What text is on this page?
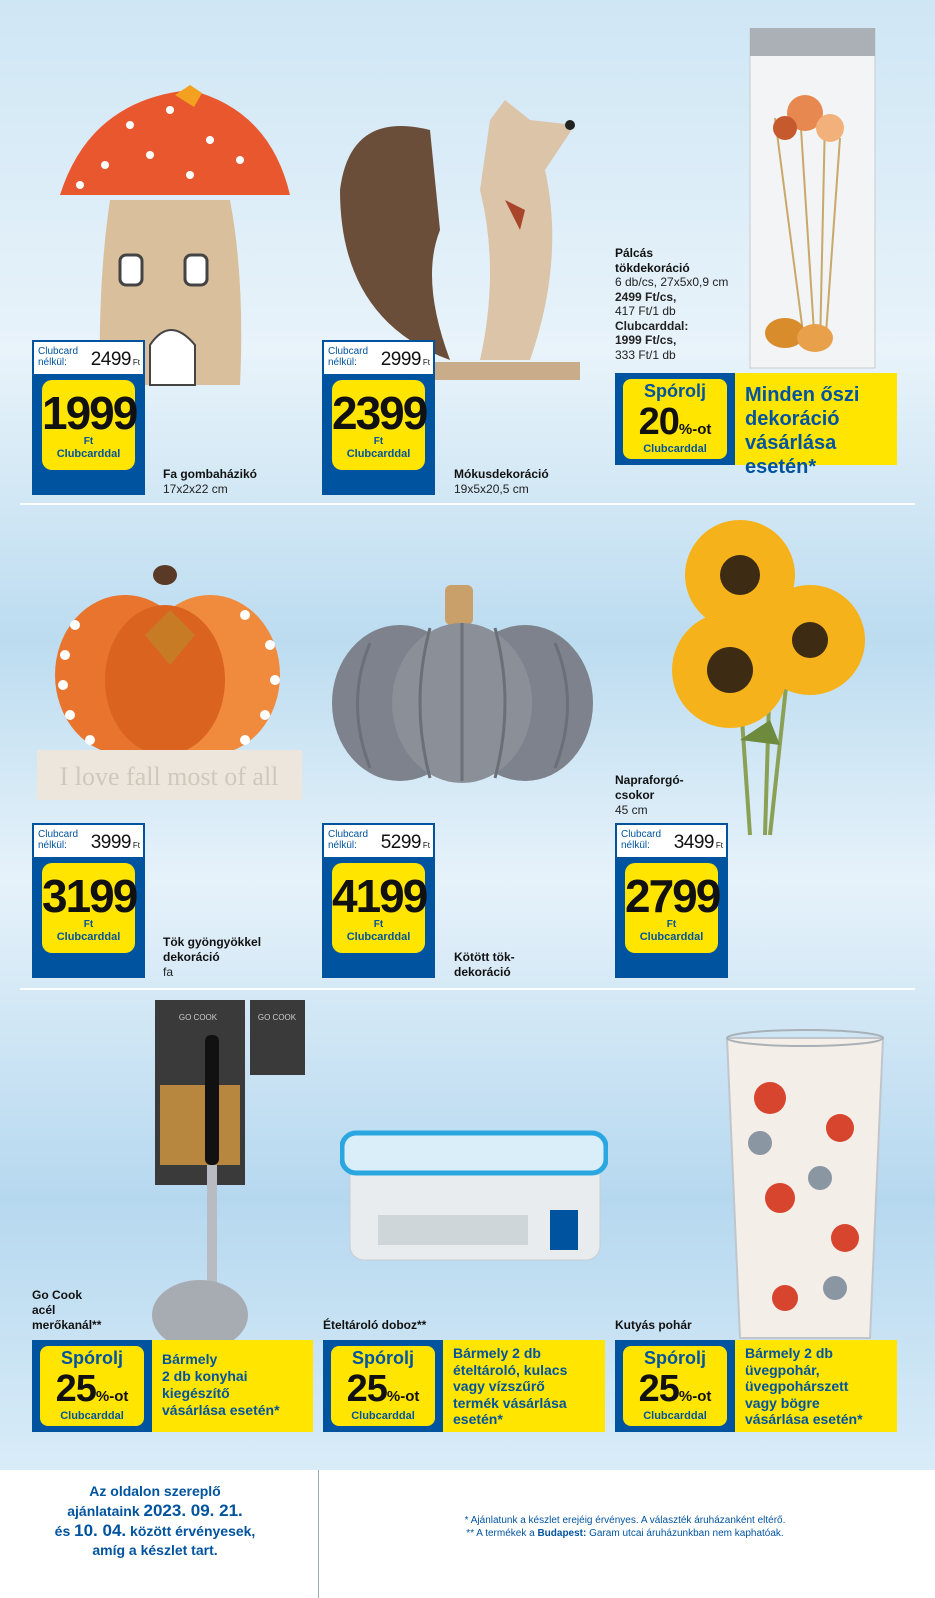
Clubcard
nélkül:	2499 Ft
1999
Ft
Clubcarddal
Fa gombaházikó
17x2x22 cm
Clubcard
nélkül:	2999 Ft
2399
Ft
Clubcarddal
Mókusdekoráció
19x5x20,5 cm
Pálcás
tökdekoráció
6 db/cs, 27x5x0,9 cm
2499 Ft/cs,
417 Ft/1 db
Clubcarddal:
1999 Ft/cs,
333 Ft/1 db
Spórolj
20%-ot
Clubcarddal
Minden őszi
dekoráció
vásárlása
esetén*
I love fall most of all
Clubcard
nélkül:	3999 Ft
3199
Ft
Clubcarddal	Tök gyöngyökkel
dekoráció
fa
Clubcard
nélkül:	5299 Ft
4199
Ft
Clubcarddal
Kötött tök-
dekoráció
Napraforgó-
csokor
45 cm
Clubcard
nélkül:	3499 Ft
2799
Ft
Clubcarddal
GO COOK	GO COOK
Go Cook
acél
merőkanál**	Ételtároló doboz**	Kutyás pohár
Spórolj
25%-ot
Clubcarddal
Bármely
2 db konyhai
kiegészítő
vásárlása esetén*
Spórolj
25%-ot
Clubcarddal
Bármely 2 db
ételtároló, kulacs
vagy vízszűrő
termék vásárlása
esetén*
Spórolj
25%-ot
Clubcarddal
Bármely 2 db
üvegpohár,
üvegpohárszett
vagy bögre
vásárlása esetén*
Az oldalon szereplő
ajánlataink 2023. 09. 21.
és 10. 04. között érvényesek,
amíg a készlet tart.
* Ajánlatunk a készlet erejéig érvényes. A választék áruházanként eltérő.
** A termékek a Budapest: Garam utcai áruházunkban nem kaphatóak.
